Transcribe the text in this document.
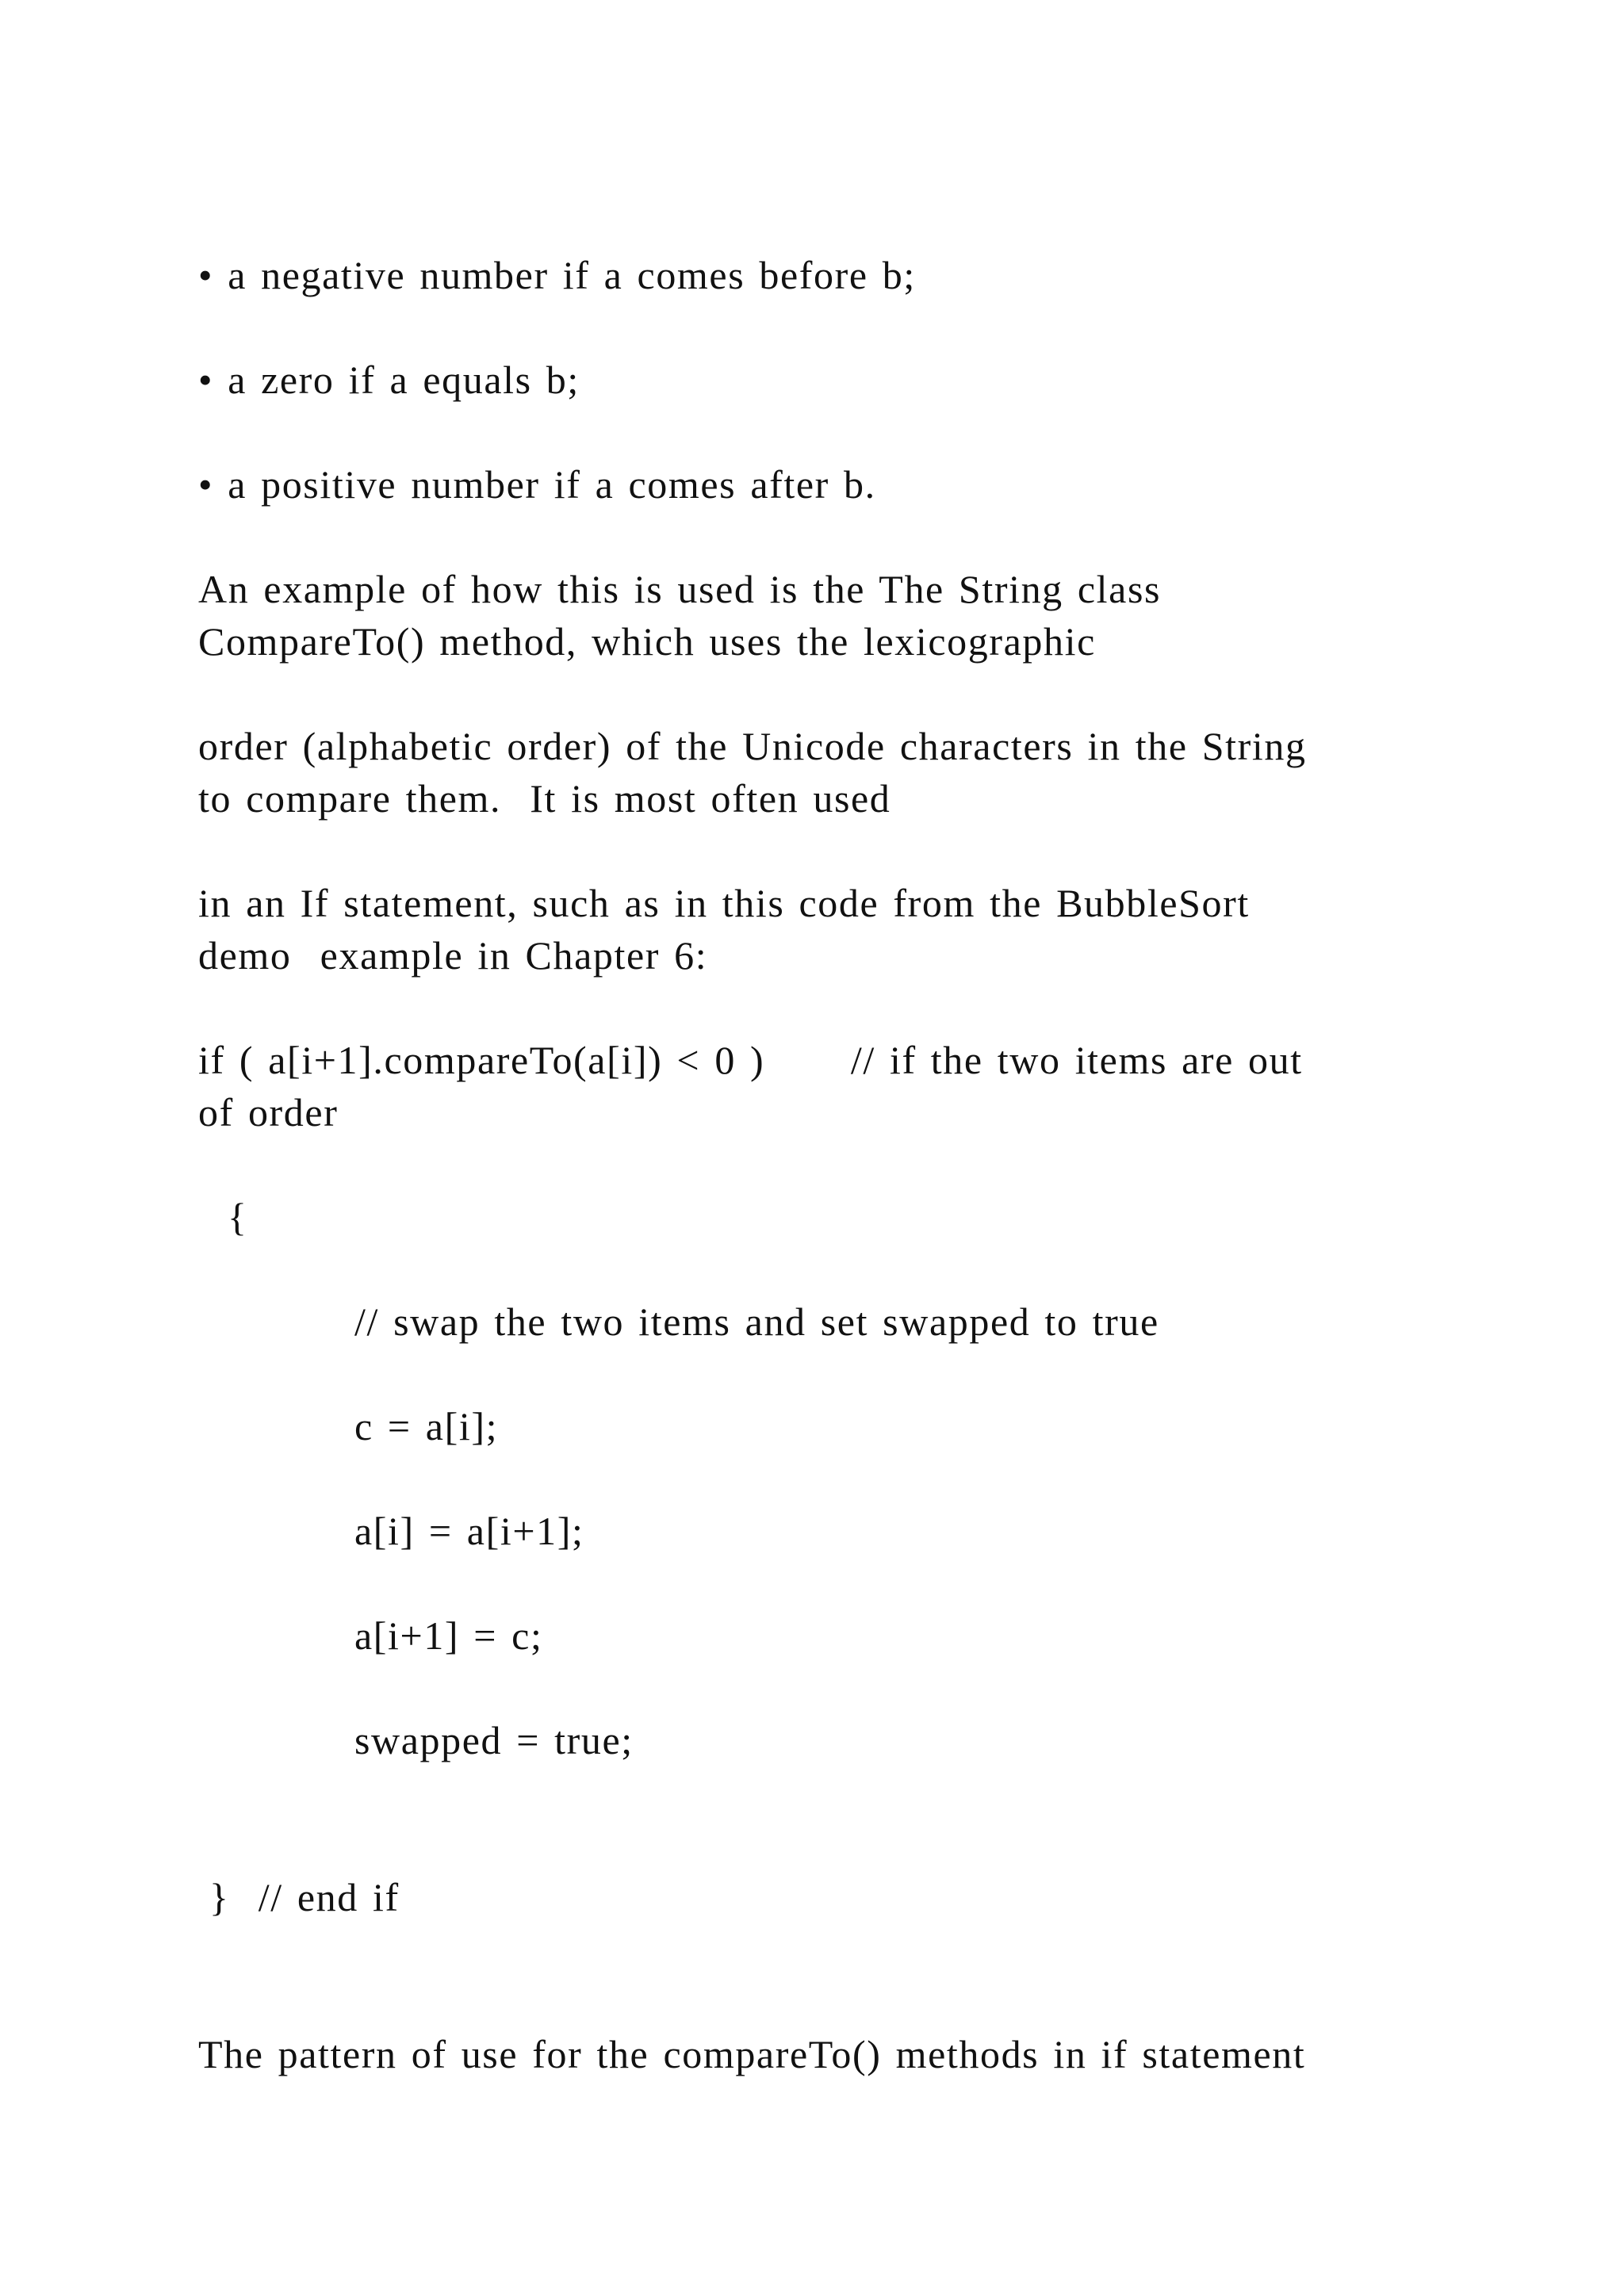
• a negative number if a comes before b;
• a zero if a equals b;
• a positive number if a comes after b.
An example of how this is used is the The String class
CompareTo() method, which uses the lexicographic
order (alphabetic order) of the Unicode characters in the String
to compare them.  It is most often used
in an If statement, such as in this code from the BubbleSort
demo  example in Chapter 6:
if ( a[i+1].compareTo(a[i]) < 0 )      // if the two items are out
of order
{
// swap the two items and set swapped to true
c = a[i];
a[i] = a[i+1];
a[i+1] = c;
swapped = true;
}  // end if
The pattern of use for the compareTo() methods in if statement
